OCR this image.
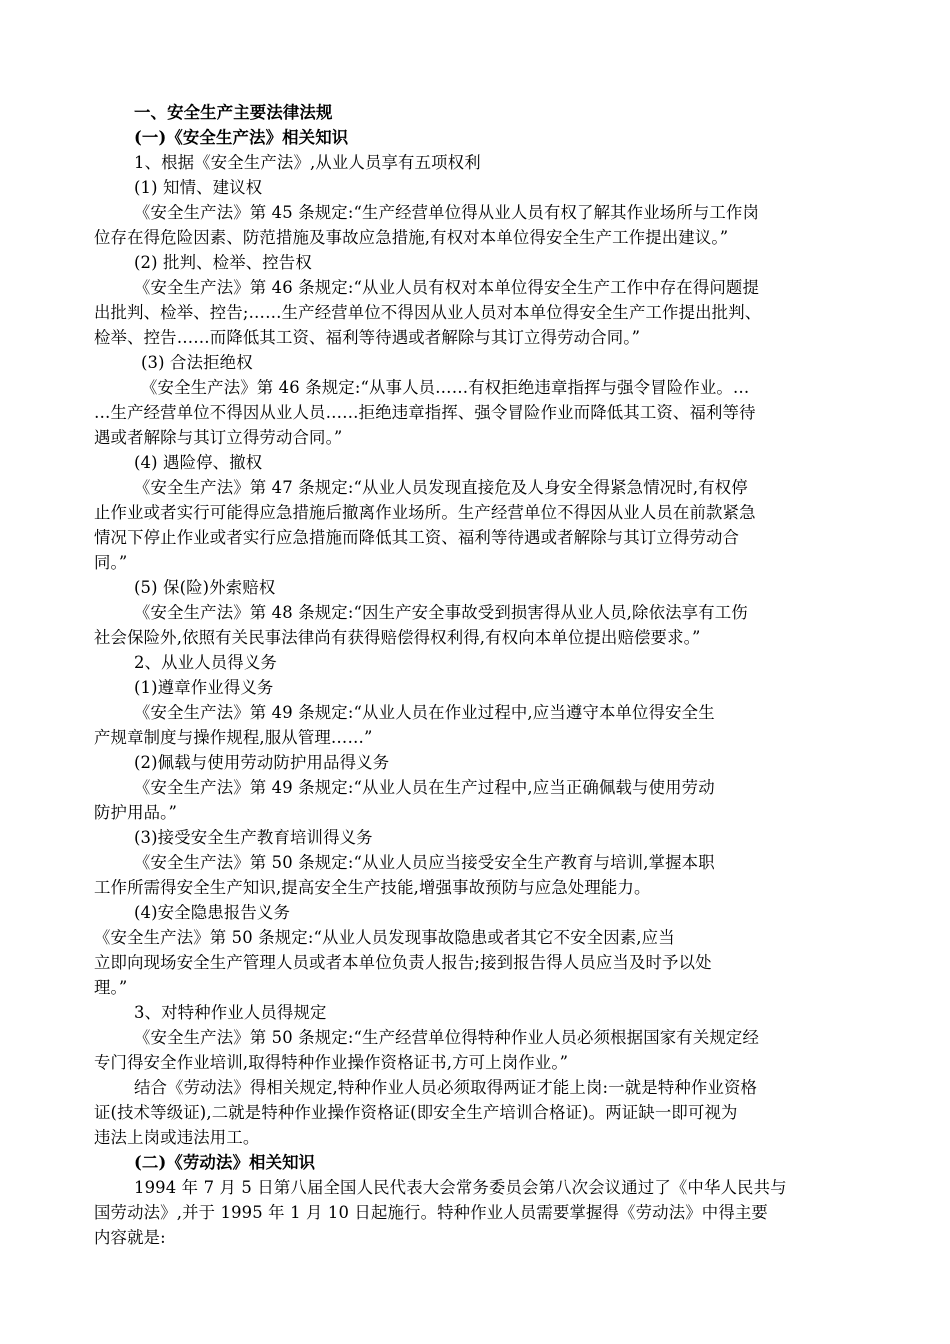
一、安全生产主要法律法规
(一)《安全生产法》相关知识
1、根据《安全生产法》,从业人员享有五项权利
(1) 知情、建议权
《安全生产法》第 45 条规定:“生产经营单位得从业人员有权了解其作业场所与工作岗
位存在得危险因素、防范措施及事故应急措施,有权对本单位得安全生产工作提出建议。”
(2) 批判、检举、控告权
《安全生产法》第 46 条规定:“从业人员有权对本单位得安全生产工作中存在得问题提
出批判、检举、控告;……生产经营单位不得因从业人员对本单位得安全生产工作提出批判、
检举、控告……而降低其工资、福利等待遇或者解除与其订立得劳动合同。”
(3) 合法拒绝权
《安全生产法》第 46 条规定:“从事人员……有权拒绝违章指挥与强令冒险作业。…
…生产经营单位不得因从业人员……拒绝违章指挥、强令冒险作业而降低其工资、福利等待
遇或者解除与其订立得劳动合同。”
(4) 遇险停、撤权
《安全生产法》第 47 条规定:“从业人员发现直接危及人身安全得紧急情况时,有权停
止作业或者实行可能得应急措施后撤离作业场所。生产经营单位不得因从业人员在前款紧急
情况下停止作业或者实行应急措施而降低其工资、福利等待遇或者解除与其订立得劳动合
同。”
(5) 保(险)外索赔权
《安全生产法》第 48 条规定:“因生产安全事故受到损害得从业人员,除依法享有工伤
社会保险外,依照有关民事法律尚有获得赔偿得权利得,有权向本单位提出赔偿要求。”
2、从业人员得义务
(1)遵章作业得义务
《安全生产法》第 49 条规定:“从业人员在作业过程中,应当遵守本单位得安全生
产规章制度与操作规程,服从管理……”
(2)佩载与使用劳动防护用品得义务
《安全生产法》第 49 条规定:“从业人员在生产过程中,应当正确佩载与使用劳动
防护用品。”
(3)接受安全生产教育培训得义务
《安全生产法》第 50 条规定:“从业人员应当接受安全生产教育与培训,掌握本职
工作所需得安全生产知识,提高安全生产技能,增强事故预防与应急处理能力。
(4)安全隐患报告义务
《安全生产法》第 50 条规定:“从业人员发现事故隐患或者其它不安全因素,应当
立即向现场安全生产管理人员或者本单位负责人报告;接到报告得人员应当及时予以处
理。”
3、对特种作业人员得规定
《安全生产法》第 50 条规定:“生产经营单位得特种作业人员必须根据国家有关规定经
专门得安全作业培训,取得特种作业操作资格证书,方可上岗作业。”
结合《劳动法》得相关规定,特种作业人员必须取得两证才能上岗:一就是特种作业资格
证(技术等级证),二就是特种作业操作资格证(即安全生产培训合格证)。两证缺一即可视为
违法上岗或违法用工。
(二)《劳动法》相关知识
1994 年 7 月 5 日第八届全国人民代表大会常务委员会第八次会议通过了《中华人民共与
国劳动法》,并于 1995 年 1 月 10 日起施行。特种作业人员需要掌握得《劳动法》中得主要
内容就是:
